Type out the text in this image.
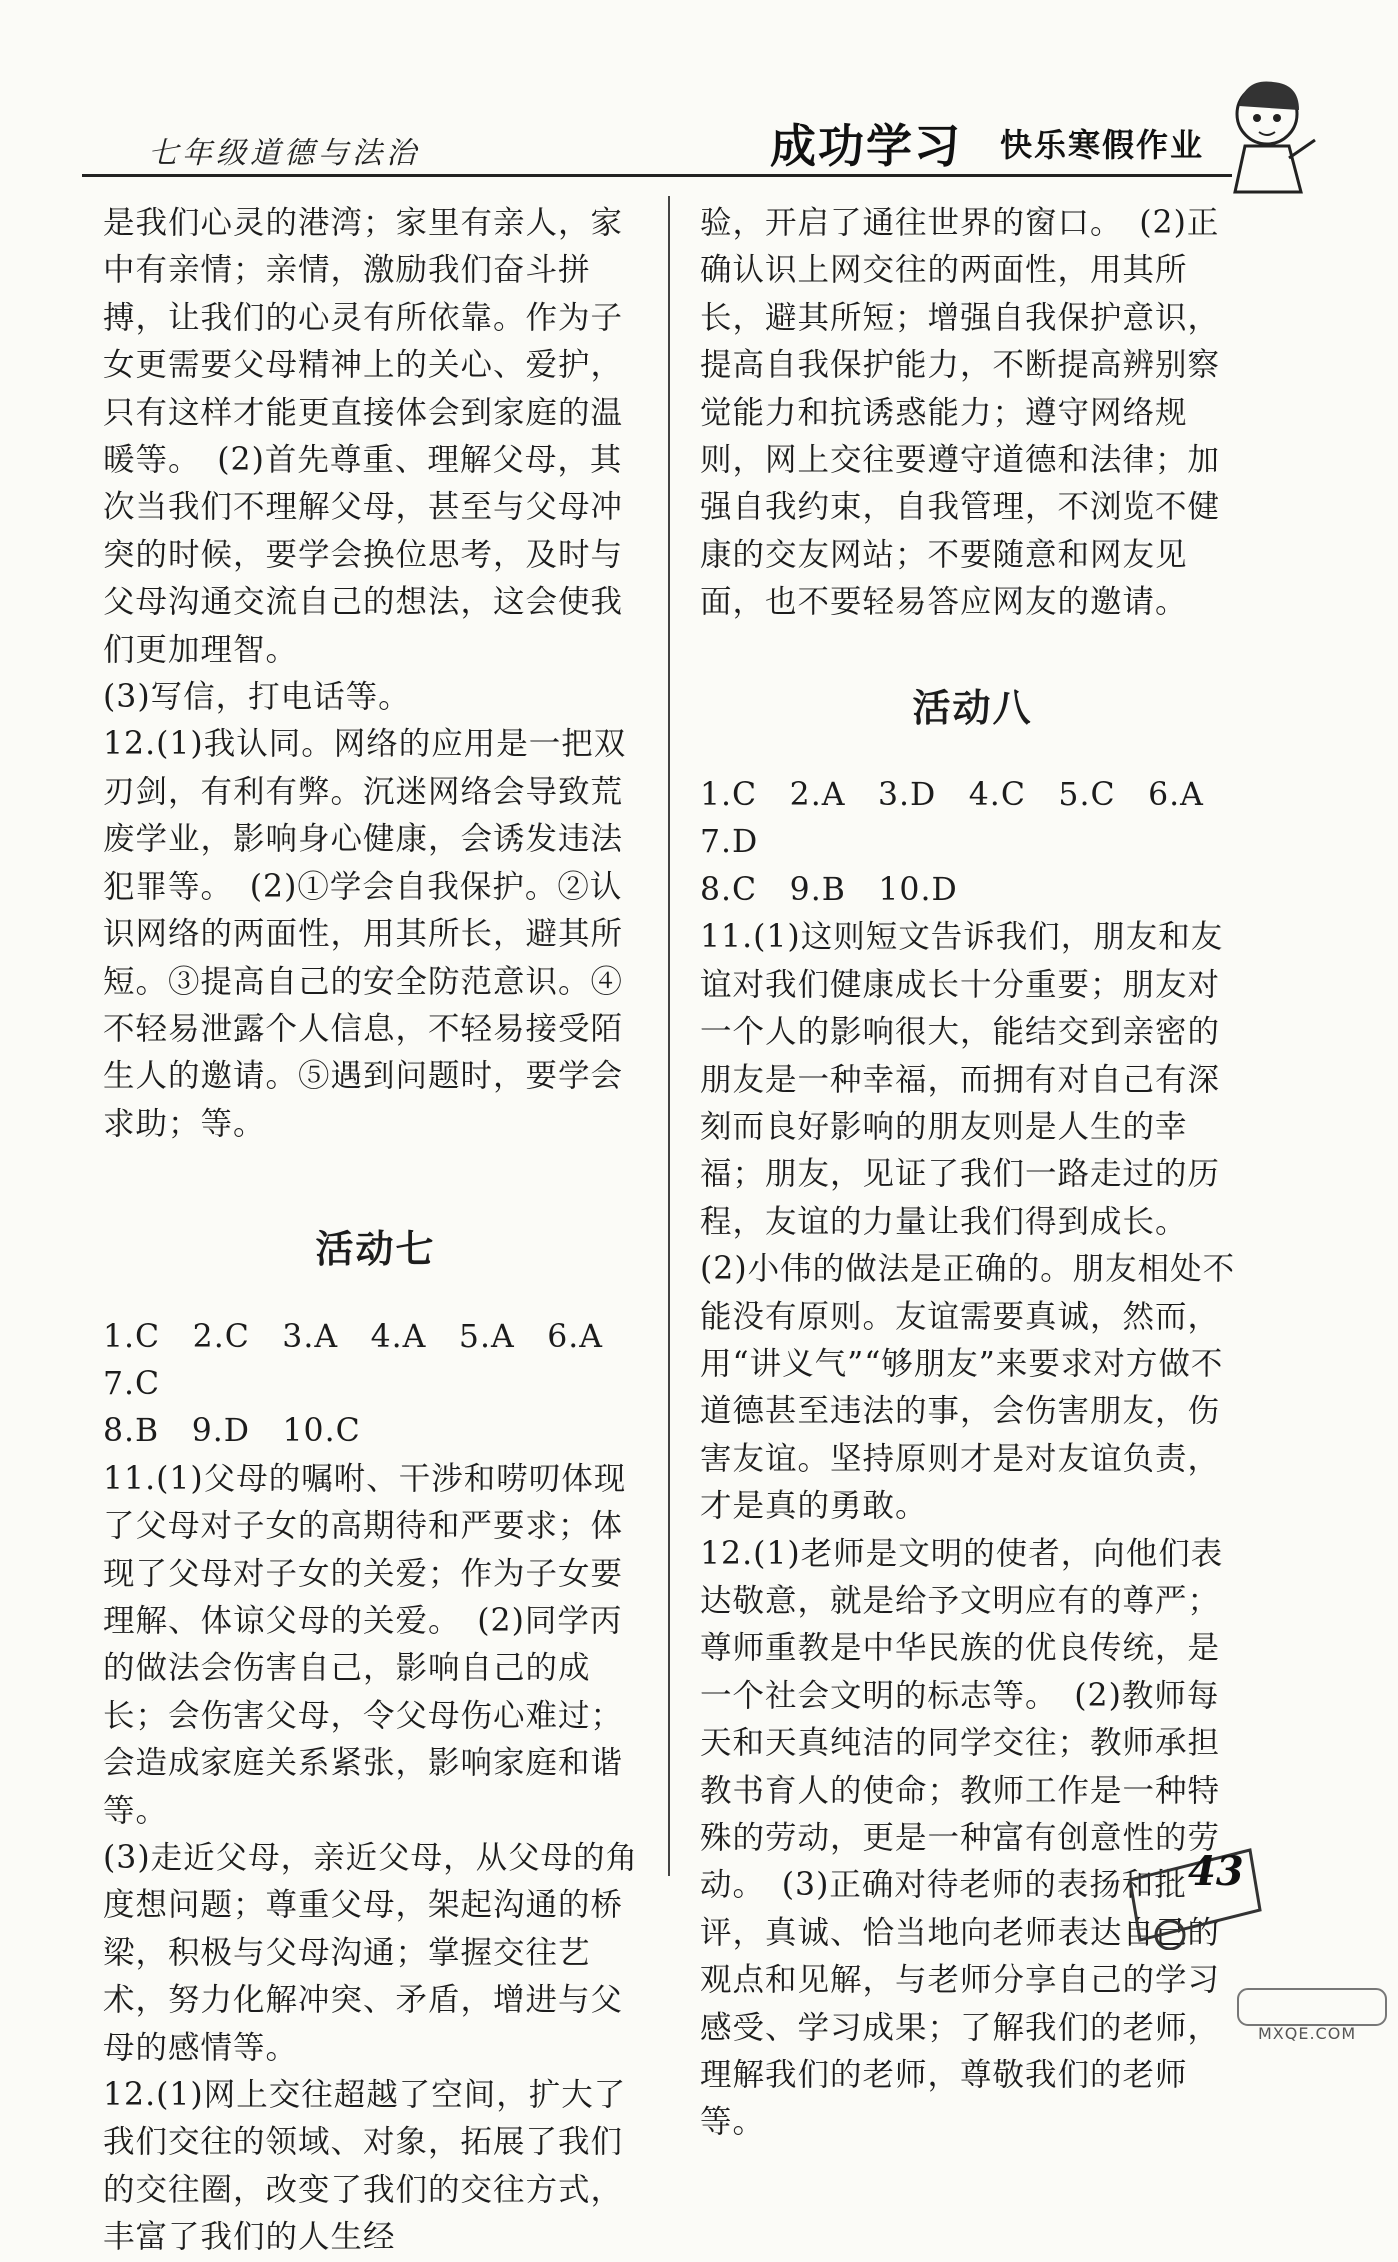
七年级道德与法治	成功学习 快乐寒假作业

是我们心灵的港湾；家里有亲人，家中有亲情；亲情，激励我们奋斗拼搏，让我们的心灵有所依靠。作为子女更需要父母精神上的关心、爱护，只有这样才能更直接体会到家庭的温暖等。　(2)首先尊重、理解父母，其次当我们不理解父母，甚至与父母冲突的时候，要学会换位思考，及时与父母沟通交流自己的想法，这会使我们更加理智。

(3)写信，打电话等。

12.(1)我认同。网络的应用是一把双刃剑，有利有弊。沉迷网络会导致荒废学业，影响身心健康，会诱发违法犯罪等。　(2)①学会自我保护。②认识网络的两面性，用其所长，避其所短。③提高自己的安全防范意识。④不轻易泄露个人信息，不轻易接受陌生人的邀请。⑤遇到问题时，要学会求助；等。

活动七

1.C　2.C　3.A　4.A　5.A　6.A　7.C

8.B　9.D　10.C

11.(1)父母的嘱咐、干涉和唠叨体现了父母对子女的高期待和严要求；体现了父母对子女的关爱；作为子女要理解、体谅父母的关爱。　(2)同学丙的做法会伤害自己，影响自己的成长；会伤害父母，令父母伤心难过；会造成家庭关系紧张，影响家庭和谐等。

(3)走近父母，亲近父母，从父母的角度想问题；尊重父母，架起沟通的桥梁，积极与父母沟通；掌握交往艺术，努力化解冲突、矛盾，增进与父母的感情等。

12.(1)网上交往超越了空间，扩大了我们交往的领域、对象，拓展了我们的交往圈，改变了我们的交往方式，丰富了我们的人生经

验，开启了通往世界的窗口。　(2)正确认识上网交往的两面性，用其所长，避其所短；增强自我保护意识，提高自我保护能力，不断提高辨别察觉能力和抗诱惑能力；遵守网络规则，网上交往要遵守道德和法律；加强自我约束，自我管理，不浏览不健康的交友网站；不要随意和网友见面，也不要轻易答应网友的邀请。

活动八

1.C　2.A　3.D　4.C　5.C　6.A　7.D

8.C　9.B　10.D

11.(1)这则短文告诉我们，朋友和友谊对我们健康成长十分重要；朋友对一个人的影响很大，能结交到亲密的朋友是一种幸福，而拥有对自己有深刻而良好影响的朋友则是人生的幸福；朋友，见证了我们一路走过的历程，友谊的力量让我们得到成长。

(2)小伟的做法是正确的。朋友相处不能没有原则。友谊需要真诚，然而，用“讲义气”“够朋友”来要求对方做不道德甚至违法的事，会伤害朋友，伤害友谊。坚持原则才是对友谊负责，才是真的勇敢。

12.(1)老师是文明的使者，向他们表达敬意，就是给予文明应有的尊严；尊师重教是中华民族的优良传统，是一个社会文明的标志等。　(2)教师每天和天真纯洁的同学交往；教师承担教书育人的使命；教师工作是一种特殊的劳动，更是一种富有创意性的劳动。　(3)正确对待老师的表扬和批评，真诚、恰当地向老师表达自己的观点和见解，与老师分享自己的学习感受、学习成果；了解我们的老师，理解我们的老师，尊敬我们的老师等。

43
MXQE.COM
